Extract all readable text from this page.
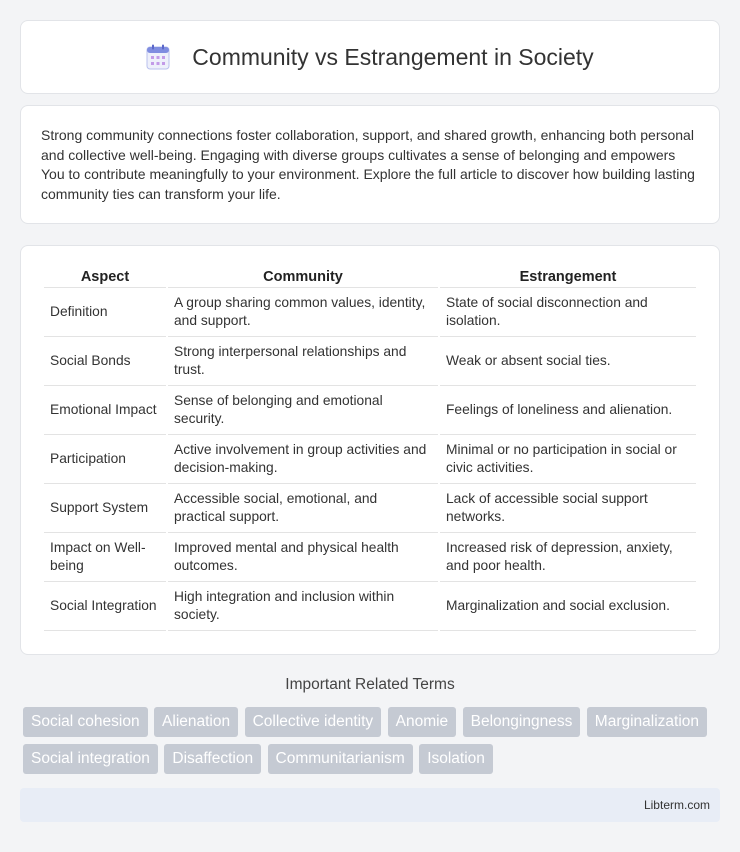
Community vs Estrangement in Society

Strong community connections foster collaboration, support, and shared growth, enhancing both personal and collective well-being. Engaging with diverse groups cultivates a sense of belonging and empowers You to contribute meaningfully to your environment. Explore the full article to discover how building lasting community ties can transform your life.

Aspect	Community	Estrangement
Definition	A group sharing common values, identity, and support.	State of social disconnection and isolation.
Social Bonds	Strong interpersonal relationships and trust.	Weak or absent social ties.
Emotional Impact	Sense of belonging and emotional security.	Feelings of loneliness and alienation.
Participation	Active involvement in group activities and decision-making.	Minimal or no participation in social or civic activities.
Support System	Accessible social, emotional, and practical support.	Lack of accessible social support networks.
Impact on Well-being	Improved mental and physical health outcomes.	Increased risk of depression, anxiety, and poor health.
Social Integration	High integration and inclusion within society.	Marginalization and social exclusion.
Important Related Terms
Social cohesion Alienation Collective identity Anomie Belongingness Marginalization Social integration Disaffection Communitarianism Isolation
Libterm.com
